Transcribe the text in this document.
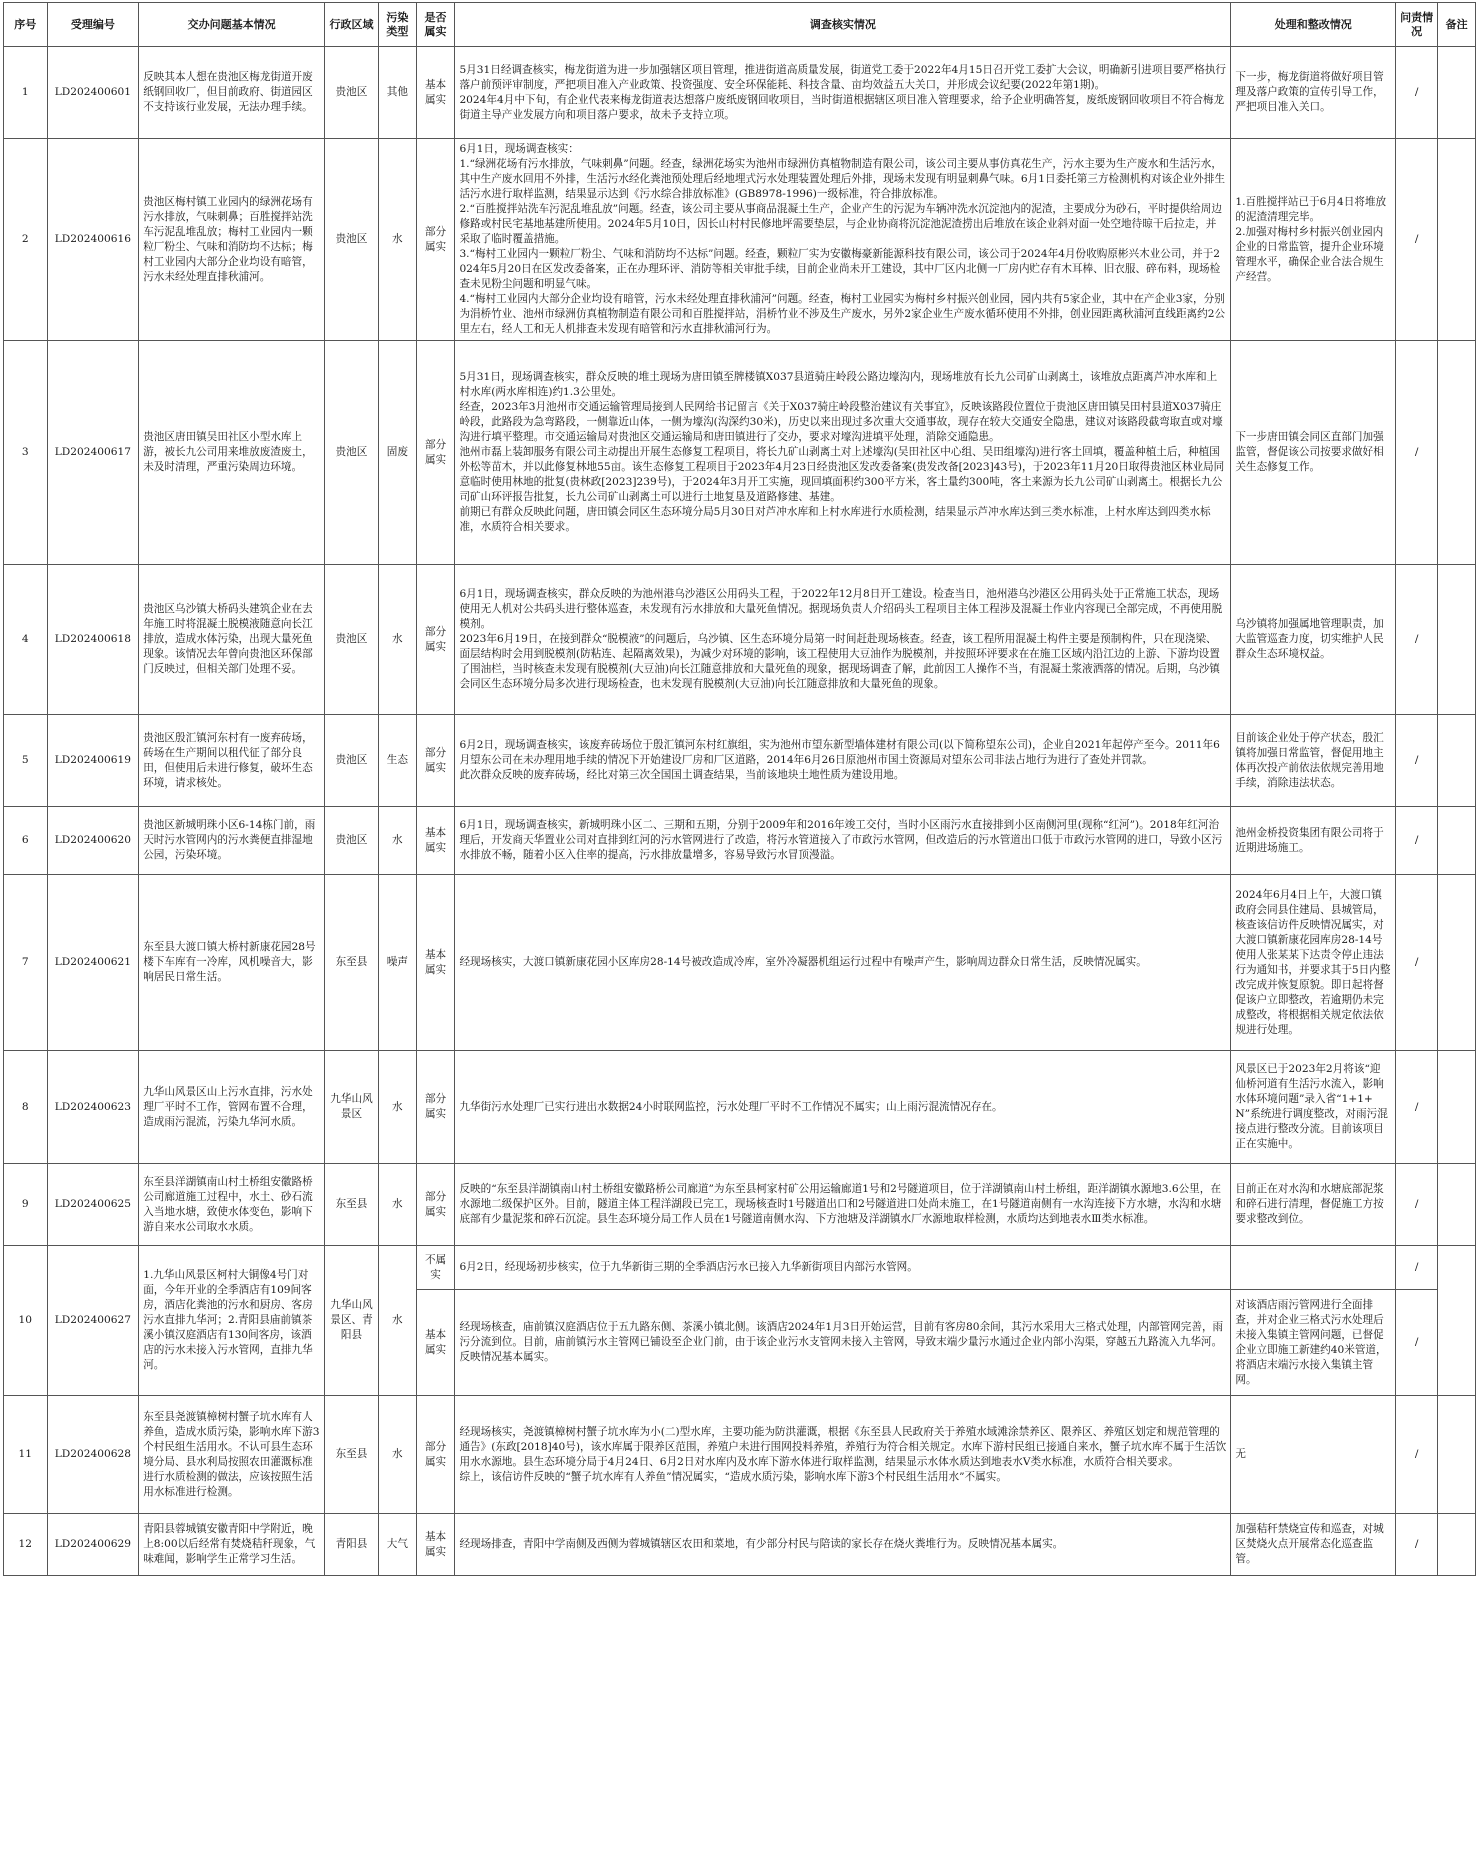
序号	受理编号	交办问题基本情况	行政区域	污染类型	是否属实	调查核实情况	处理和整改情况	问责情况	备注
1	LD202400601	反映其本人想在贵池区梅龙街道开废纸钢回收厂，但目前政府、街道园区不支持该行业发展，无法办理手续。	贵池区	其他	基本属实	5月31日经调查核实，梅龙街道为进一步加强辖区项目管理，推进街道高质量发展，街道党工委于2022年4月15日召开党工委扩大会议，明确新引进项目要严格执行落户前预评审制度，严把项目准入产业政策、投资强度、安全环保能耗、科技含量、亩均效益五大关口，并形成会议纪要(2022年第1期)。
2024年4月中下旬，有企业代表来梅龙街道表达想落户废纸废钢回收项目，当时街道根据辖区项目准入管理要求，给予企业明确答复，废纸废钢回收项目不符合梅龙街道主导产业发展方向和项目落户要求，故未予支持立项。	下一步，梅龙街道将做好项目管理及落户政策的宣传引导工作，严把项目准入关口。	/	
2	LD202400616	贵池区梅村镇工业园内的绿洲花场有污水排放，气味刺鼻；百胜搅拌站洗车污泥乱堆乱放；梅村工业园内一颗粒厂粉尘、气味和消防均不达标；梅村工业园内大部分企业均设有暗管，污水未经处理直排秋浦河。	贵池区	水	部分属实	6月1日，现场调查核实：
1.“绿洲花场有污水排放，气味刺鼻”问题。经查，绿洲花场实为池州市绿洲仿真植物制造有限公司，该公司主要从事仿真花生产，污水主要为生产废水和生活污水，其中生产废水回用不外排，生活污水经化粪池预处理后经地埋式污水处理装置处理后外排，现场未发现有明显刺鼻气味。6月1日委托第三方检测机构对该企业外排生活污水进行取样监测，结果显示达到《污水综合排放标准》(GB8978-1996)一级标准，符合排放标准。
2.“百胜搅拌站洗车污泥乱堆乱放”问题。经查，该公司主要从事商品混凝土生产，企业产生的污泥为车辆冲洗水沉淀池内的泥渣，主要成分为砂石，平时提供给周边修路或村民宅基地基建所使用。2024年5月10日，因长山村村民修地坪需要垫层，与企业协商将沉淀池泥渣捞出后堆放在该企业斜对面一处空地待晾干后拉走，并采取了临时覆盖措施。
3.“梅村工业园内一颗粒厂粉尘、气味和消防均不达标”问题。经查，颗粒厂实为安徽梅豪新能源科技有限公司，该公司于2024年4月份收购原彬兴木业公司，并于2024年5月20日在区发改委备案，正在办理环评、消防等相关审批手续，目前企业尚未开工建设，其中厂区内北侧一厂房内贮存有木耳棒、旧衣服、碎布料，现场检查未见粉尘问题和明显气味。
4.“梅村工业园内大部分企业均设有暗管，污水未经处理直排秋浦河”问题。经查，梅村工业园实为梅村乡村振兴创业园，园内共有5家企业，其中在产企业3家，分别为涓桥竹业、池州市绿洲仿真植物制造有限公司和百胜搅拌站，涓桥竹业不涉及生产废水，另外2家企业生产废水循环使用不外排，创业园距离秋浦河直线距离约2公里左右，经人工和无人机排查未发现有暗管和污水直排秋浦河行为。	1.百胜搅拌站已于6月4日将堆放的泥渣清理完毕。
2.加强对梅村乡村振兴创业园内企业的日常监管，提升企业环境管理水平，确保企业合法合规生产经营。	/	
3	LD202400617	贵池区唐田镇吴田社区小型水库上游，被长九公司用来堆放废渣废土，未及时清理，严重污染周边环境。	贵池区	固废	部分属实	5月31日，现场调查核实，群众反映的堆土现场为唐田镇至牌楼镇X037县道骑庄岭段公路边壕沟内，现场堆放有长九公司矿山剥离土，该堆放点距离芦冲水库和上村水库(两水库相连)约1.3公里处。
经查，2023年3月池州市交通运输管理局接到人民网给书记留言《关于X037骑庄岭段整治建议有关事宜》，反映该路段位置位于贵池区唐田镇吴田村县道X037骑庄岭段，此路段为急弯路段，一侧靠近山体，一侧为壕沟(沟深约30米)，历史以来出现过多次重大交通事故，现存在较大交通安全隐患，建议对该路段截弯取直或对壕沟进行填平整理。市交通运输局对贵池区交通运输局和唐田镇进行了交办，要求对壕沟进填平处理，消除交通隐患。
池州市磊上装卸服务有限公司主动提出开展生态修复工程项目，将长九矿山剥离土对上述壕沟(吴田社区中心组、吴田组壕沟)进行客土回填，覆盖种植土后，种植国外松等苗木，并以此修复林地55亩。该生态修复工程项目于2023年4月23日经贵池区发改委备案(贵发改备[2023]43号)，于2023年11月20日取得贵池区林业局同意临时使用林地的批复(贵林政[2023]239号)，于2024年3月开工实施，现回填面积约300平方米，客土量约300吨，客土来源为长九公司矿山剥离土。根据长九公司矿山环评报告批复，长九公司矿山剥离土可以进行土地复垦及道路修建、基建。
前期已有群众反映此问题，唐田镇会同区生态环境分局5月30日对芦冲水库和上村水库进行水质检测，结果显示芦冲水库达到三类水标准，上村水库达到四类水标准，水质符合相关要求。	下一步唐田镇会同区直部门加强监管，督促该公司按要求做好相关生态修复工作。	/	
4	LD202400618	贵池区乌沙镇大桥码头建筑企业在去年施工时将混凝土脱模液随意向长江排放，造成水体污染，出现大量死鱼现象。该情况去年曾向贵池区环保部门反映过，但相关部门处理不妥。	贵池区	水	部分属实	6月1日，现场调查核实，群众反映的为池州港乌沙港区公用码头工程，于2022年12月8日开工建设。检查当日，池州港乌沙港区公用码头处于正常施工状态，现场使用无人机对公共码头进行整体巡查，未发现有污水排放和大量死鱼情况。据现场负责人介绍码头工程项目主体工程涉及混凝土作业内容现已全部完成，不再使用脱模剂。
2023年6月19日，在接到群众“脱模液”的问题后，乌沙镇、区生态环境分局第一时间赶赴现场核查。经查，该工程所用混凝土构件主要是预制构件，只在现浇梁、面层结构时会用到脱模剂(防粘连、起隔离效果)，为减少对环境的影响，该工程使用大豆油作为脱模剂，并按照环评要求在在施工区域内沿江边的上游、下游均设置了围油栏，当时核查未发现有脱模剂(大豆油)向长江随意排放和大量死鱼的现象，据现场调查了解，此前因工人操作不当，有混凝土浆液洒落的情况。后期，乌沙镇会同区生态环境分局多次进行现场检查，也未发现有脱模剂(大豆油)向长江随意排放和大量死鱼的现象。	乌沙镇将加强属地管理职责，加大监管巡查力度，切实维护人民群众生态环境权益。	/	
5	LD202400619	贵池区殷汇镇河东村有一废弃砖场，砖场在生产期间以租代征了部分良田，但使用后未进行修复，破坏生态环境，请求核处。	贵池区	生态	部分属实	6月2日，现场调查核实，该废弃砖场位于殷汇镇河东村红旗组，实为池州市望东新型墙体建材有限公司(以下简称望东公司)，企业自2021年起停产至今。2011年6月望东公司在未办理用地手续的情况下开始建设厂房和厂区道路，2014年6月26日原池州市国土资源局对望东公司非法占地行为进行了查处并罚款。
此次群众反映的废弃砖场，经比对第三次全国国土调查结果，当前该地块土地性质为建设用地。	目前该企业处于停产状态，殷汇镇将加强日常监管，督促用地主体再次投产前依法依规完善用地手续，消除违法状态。	/	
6	LD202400620	贵池区新城明珠小区6-14栋门前，雨天时污水管网内的污水粪便直排湿地公园，污染环境。	贵池区	水	基本属实	6月1日，现场调查核实，新城明珠小区二、三期和五期，分别于2009年和2016年竣工交付，当时小区雨污水直接排到小区南侧河里(现称“红河”)。2018年红河治理后，开发商天华置业公司对直排到红河的污水管网进行了改造，将污水管道接入了市政污水管网，但改造后的污水管道出口低于市政污水管网的进口，导致小区污水排放不畅，随着小区入住率的提高，污水排放量增多，容易导致污水冒顶漫溢。	池州金桥投资集团有限公司将于近期进场施工。	/	
7	LD202400621	东至县大渡口镇大桥村新康花园28号楼下车库有一冷库，风机噪音大，影响居民日常生活。	东至县	噪声	基本属实	经现场核实，大渡口镇新康花园小区库房28-14号被改造成冷库，室外冷凝器机组运行过程中有噪声产生，影响周边群众日常生活，反映情况属实。	2024年6月4日上午，大渡口镇政府会同县住建局、县城管局，核查该信访件反映情况属实，对大渡口镇新康花园库房28-14号使用人张某某下达责令停止违法行为通知书，并要求其于5日内整改完成并恢复原貌。即日起将督促该户立即整改，若逾期仍未完成整改，将根据相关规定依法依规进行处理。	/	
8	LD202400623	九华山风景区山上污水直排，污水处理厂平时不工作，管网布置不合理，造成雨污混流，污染九华河水质。	九华山风景区	水	部分属实	九华街污水处理厂已实行进出水数据24小时联网监控，污水处理厂平时不工作情况不属实；山上雨污混流情况存在。	风景区已于2023年2月将该“迎仙桥河道有生活污水流入，影响水体环境问题”录入省“1+1+N”系统进行调度整改，对雨污混接点进行整改分流。目前该项目正在实施中。	/	
9	LD202400625	东至县洋湖镇南山村土桥组安徽路桥公司廊道施工过程中，水土、砂石流入当地水塘，致使水体变色，影响下游自来水公司取水水质。	东至县	水	部分属实	反映的“东至县洋湖镇南山村土桥组安徽路桥公司廊道”为东至县柯家村矿公用运输廊道1号和2号隧道项目，位于洋湖镇南山村土桥组，距洋湖镇水源地3.6公里，在水源地二级保护区外。目前，隧道主体工程洋湖段已完工，现场核查时1号隧道出口和2号隧道进口处尚未施工，在1号隧道南侧有一水沟连接下方水塘，水沟和水塘底部有少量泥浆和碎石沉淀。县生态环境分局工作人员在1号隧道南侧水沟、下方池塘及洋湖镇水厂水源地取样检测，水质均达到地表水Ⅲ类水标准。	目前正在对水沟和水塘底部泥浆和碎石进行清理，督促施工方按要求整改到位。	/	
10	LD202400627	1.九华山风景区柯村大铜像4号门对面，今年开业的全季酒店有109间客房，酒店化粪池的污水和厨房、客房污水直排九华河；2.青阳县庙前镇茶溪小镇汉庭酒店有130间客房，该酒店的污水未接入污水管网，直排九华河。	九华山风景区、青阳县	水	不属实	6月2日，经现场初步核实，位于九华新街三期的全季酒店污水已接入九华新街项目内部污水管网。		/	
					基本属实	经现场核查，庙前镇汉庭酒店位于五九路东侧、茶溪小镇北侧。该酒店2024年1月3日开始运营，目前有客房80余间，其污水采用大三格式处理，内部管网完善，雨污分流到位。目前，庙前镇污水主管网已铺设至企业门前，由于该企业污水支管网未接入主管网，导致末端少量污水通过企业内部小沟渠，穿越五九路流入九华河。反映情况基本属实。	对该酒店雨污管网进行全面排查，并对企业三格式污水处理后未接入集镇主管网问题，已督促企业立即施工新建约40米管道，将酒店末端污水接入集镇主管网。	/	
11	LD202400628	东至县尧渡镇樟树村蟹子坑水库有人养鱼，造成水质污染，影响水库下游3个村民组生活用水。不认可县生态环境分局、县水利局按照农田灌溉标准进行水质检测的做法，应该按照生活用水标准进行检测。	东至县	水	部分属实	经现场核实，尧渡镇樟树村蟹子坑水库为小(二)型水库，主要功能为防洪灌溉，根据《东至县人民政府关于养殖水域滩涂禁养区、限养区、养殖区划定和规范管理的通告》(东政[2018]40号)，该水库属于限养区范围，养殖户未进行围网投料养殖，养殖行为符合相关规定。水库下游村民组已接通自来水，蟹子坑水库不属于生活饮用水水源地。县生态环境分局于4月24日、6月2日对水库内及水库下游水体进行取样监测，结果显示水体水质达到地表水Ⅴ类水标准，水质符合相关要求。
综上，该信访件反映的“蟹子坑水库有人养鱼”情况属实，“造成水质污染，影响水库下游3个村民组生活用水”不属实。	无	/	
12	LD202400629	青阳县蓉城镇安徽青阳中学附近，晚上8:00以后经常有焚烧秸秆现象，气味难闻，影响学生正常学习生活。	青阳县	大气	基本属实	经现场排查，青阳中学南侧及西侧为蓉城镇辖区农田和菜地，有少部分村民与陪读的家长存在烧火粪堆行为。反映情况基本属实。	加强秸秆禁烧宣传和巡查，对城区焚烧火点开展常态化巡查监管。	/	
